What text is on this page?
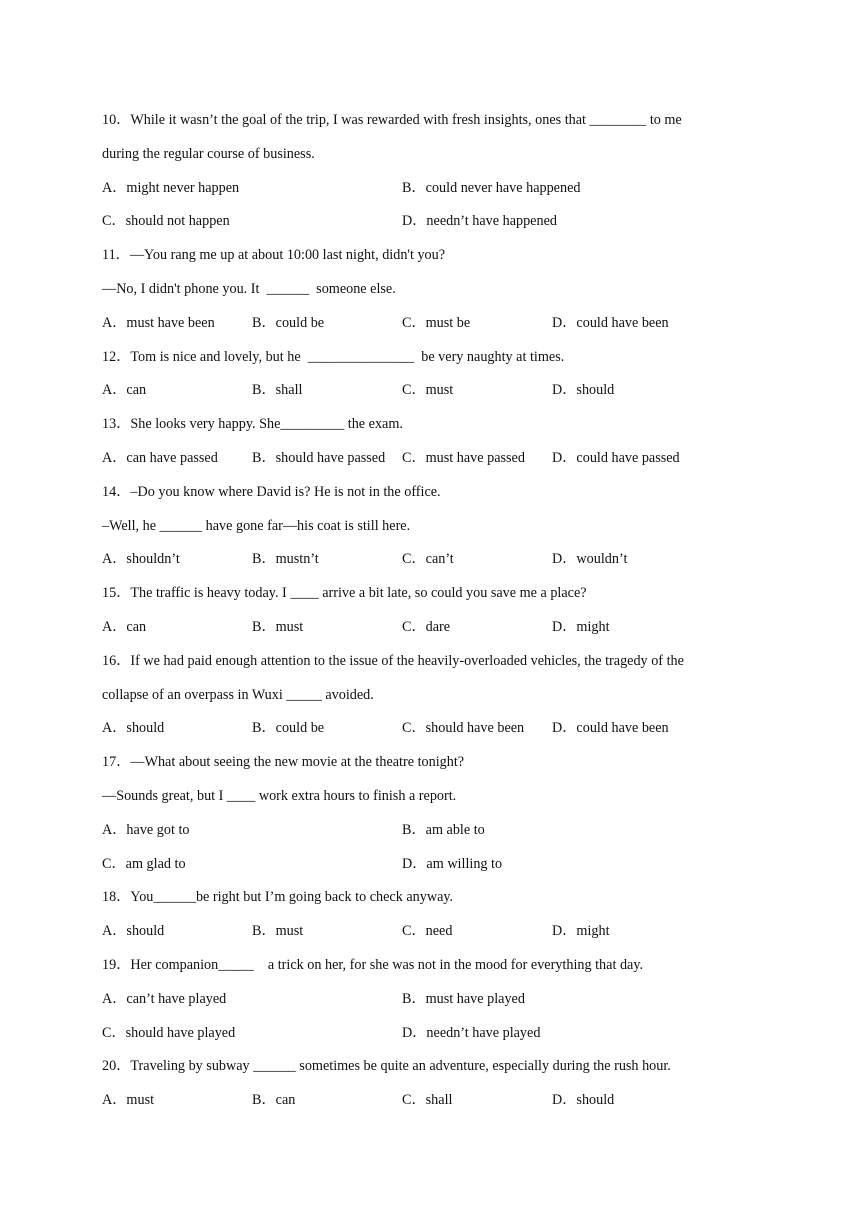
10．While it wasn’t the goal of the trip, I was rewarded with fresh insights, ones that ________ to me
during the regular course of business.
A．might never happen	B．could never have happened
C．should not happen	D．needn’t have happened
11．—You rang me up at about 10:00 last night, didn't you?
—No, I didn't phone you. It  ______  someone else.
A．must have been	B．could be	C．must be	D．could have been
12．Tom is nice and lovely, but he  _______________  be very naughty at times.
A．can	B．shall	C．must	D．should
13．She looks very happy. She_________ the exam.
A．can have passed B．should have passed C．must have passed D．could have passed
14．–Do you know where David is? He is not in the office.
–Well, he ______ have gone far—his coat is still here.
A．shouldn’t	B．mustn’t	C．can’t	D．wouldn’t
15．The traffic is heavy today. I ____ arrive a bit late, so could you save me a place?
A．can	B．must	C．dare	D．might
16．If we had paid enough attention to the issue of the heavily-overloaded vehicles, the tragedy of the
collapse of an overpass in Wuxi _____ avoided.
A．should	B．could be	C．should have been D．could have been
17．—What about seeing the new movie at the theatre tonight?
—Sounds great, but I ____ work extra hours to finish a report.
A．have got to	B．am able to
C．am glad to	D．am willing to
18．You______be right but I’m going back to check anyway.
A．should	B．must	C．need	D．might
19．Her companion_____    a trick on her, for she was not in the mood for everything that day.
A．can’t have played	B．must have played
C．should have played	D．needn’t have played
20．Traveling by subway ______ sometimes be quite an adventure, especially during the rush hour.
A．must	B．can	C．shall	D．should
